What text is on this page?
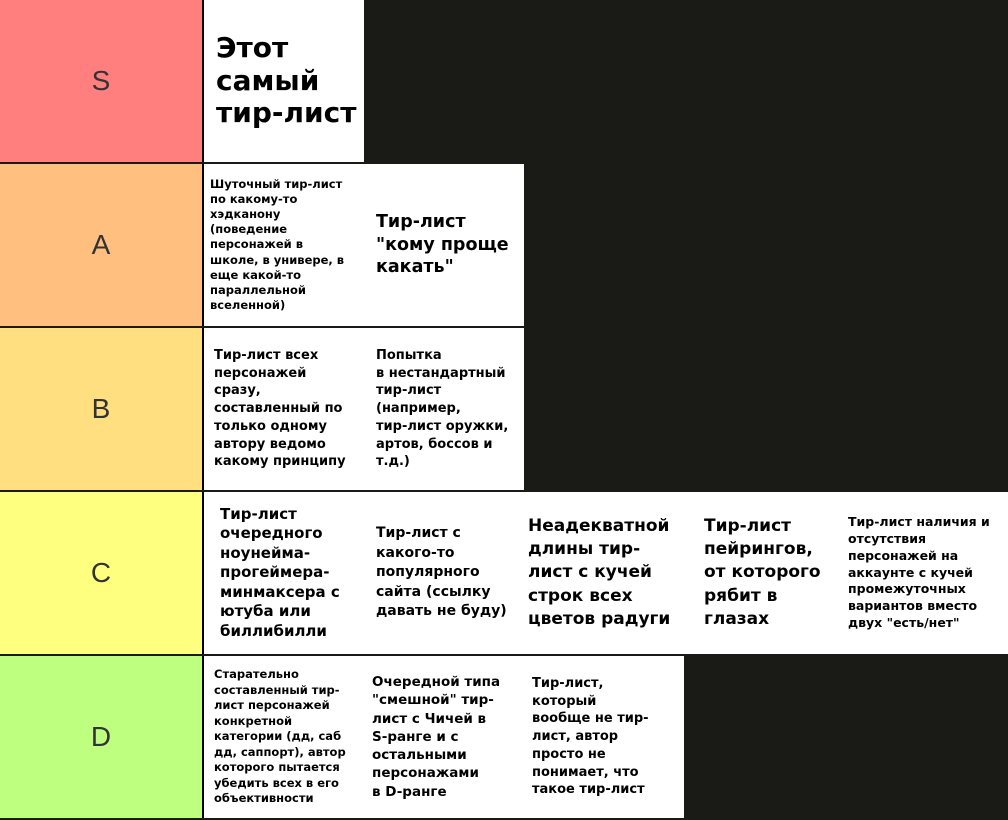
S
Этот
самый
тир-лист
A
Шуточный тир-лист
по какому-то
хэдканону
(поведение
персонажей в
школе, в универе, в
еще какой-то
параллельной
вселенной)
Тир-лист
"кому проще
какать"
B
Тир-лист всех
персонажей
сразу,
составленный по
только одному
автору ведомо
какому принципу
Попытка
в нестандартный
тир-лист
(например,
тир-лист оружки,
артов, боссов и
т.д.)
C
Тир-лист
очередного
ноунейма-
прогеймера-
минмаксера с
ютуба или
биллибилли
Тир-лист с
какого-то
популярного
сайта (ссылку
давать не буду)
Неадекватной
длины тир-
лист с кучей
строк всех
цветов радуги
Тир-лист
пейрингов,
от которого
рябит в
глазах
Тир-лист наличия и
отсутствия
персонажей на
аккаунте с кучей
промежуточных
вариантов вместо
двух "есть/нет"
D
Старательно
составленный тир-
лист персонажей
конкретной
категории (дд, саб
дд, саппорт), автор
которого пытается
убедить всех в его
объективности
Очередной типа
"смешной" тир-
лист с Чичей в
S-ранге и с
остальными
персонажами
в D-ранге
Тир-лист,
который
вообще не тир-
лист, автор
просто не
понимает, что
такое тир-лист
